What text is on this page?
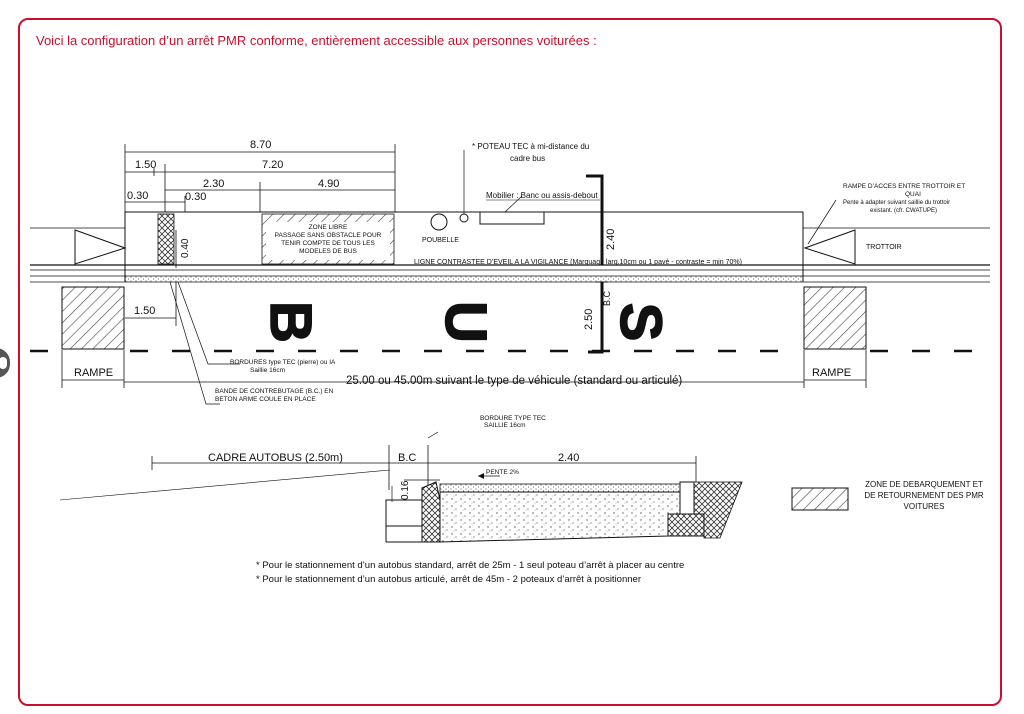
Voici la configuration d’un arrêt PMR conforme, entièrement accessible aux personnes voiturées :
8.70
1.50	7.20
0.30
2.30	4.90
0.30
0.40
ZONE LIBRE
PASSAGE SANS OBSTACLE POUR
TENIR COMPTE DE TOUS LES
MODELES DE BUS
POUBELLE
* POTEAU TEC à mi-distance du
cadre bus
Mobilier : Banc ou assis-debout
2.40
B.C
2.50
LIGNE CONTRASTEE D’EVEIL A LA VIGILANCE (Marquage larg.10cm ou 1 pavé - contraste = min 70%)
RAMPE D’ACCES ENTRE TROTTOIR ET
QUAI
Pente à adapter suivant saillie du trottoir
existant. (cfr. CWATUPE)
TROTTOIR
1.50 B U S
BORDURES type TEC (pierre) ou IA
Saillie 16cm
BANDE DE CONTREBUTAGE (B.C.) EN
BETON ARME COULE EN PLACE
RAMPE	RAMPE
25.00 ou 45.00m suivant le type de véhicule (standard ou articulé)
CADRE AUTOBUS (2.50m)	B.C	2.40
0.16
BORDURE TYPE TEC
SAILLIE 16cm
PENTE 2%
ZONE DE DEBARQUEMENT ET
DE RETOURNEMENT DES PMR
VOITURES
* Pour le stationnement d’un autobus standard, arrêt de 25m - 1 seul poteau d’arrêt à placer au centre
* Pour le stationnement d’un autobus articulé, arrêt de 45m - 2 poteaux d’arrêt à positionner
